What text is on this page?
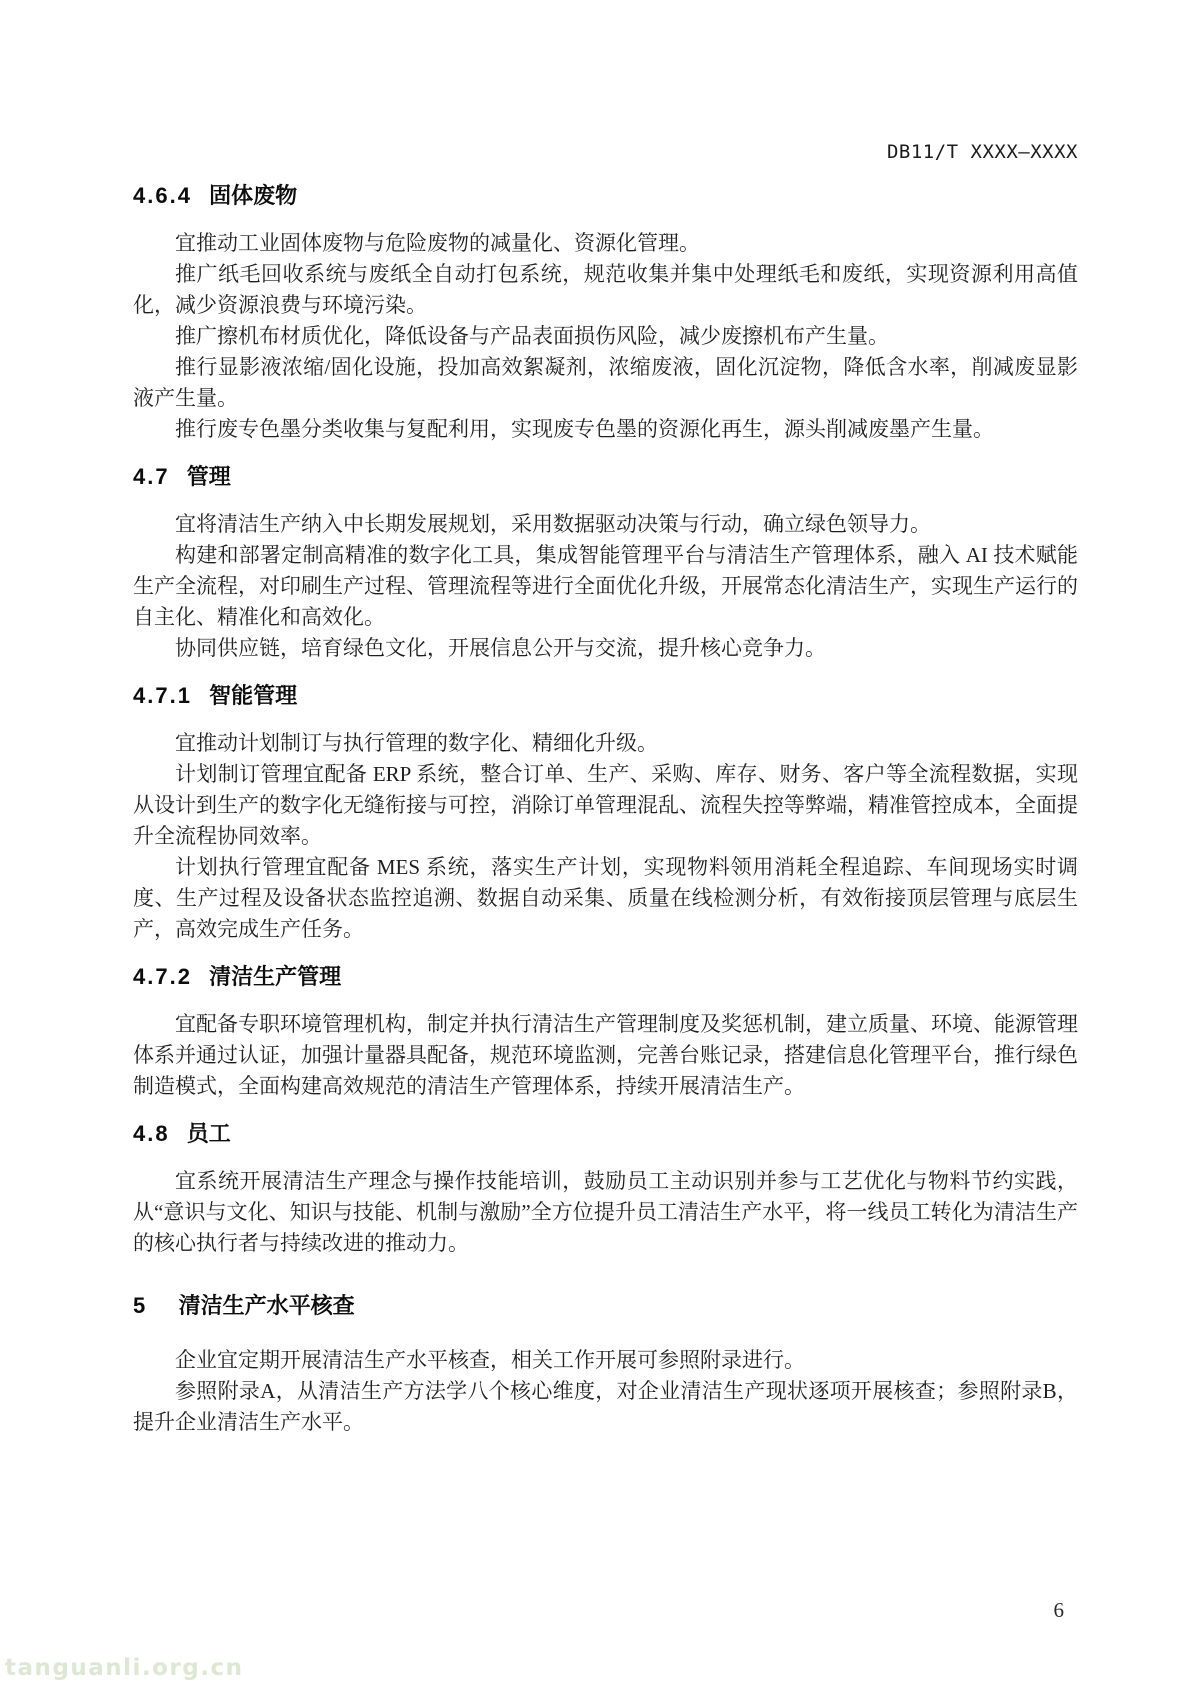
DB11/T XXXX—XXXX
4.6.4 固体废物

宜推动工业固体废物与危险废物的减量化、资源化管理。

推广纸毛回收系统与废纸全自动打包系统，规范收集并集中处理纸毛和废纸，实现资源利用高值化，减少资源浪费与环境污染。

推广擦机布材质优化，降低设备与产品表面损伤风险，减少废擦机布产生量。

推行显影液浓缩/固化设施，投加高效絮凝剂，浓缩废液，固化沉淀物，降低含水率，削减废显影液产生量。

推行废专色墨分类收集与复配利用，实现废专色墨的资源化再生，源头削减废墨产生量。

4.7 管理

宜将清洁生产纳入中长期发展规划，采用数据驱动决策与行动，确立绿色领导力。

构建和部署定制高精准的数字化工具，集成智能管理平台与清洁生产管理体系，融入 AI 技术赋能生产全流程，对印刷生产过程、管理流程等进行全面优化升级，开展常态化清洁生产，实现生产运行的自主化、精准化和高效化。

协同供应链，培育绿色文化，开展信息公开与交流，提升核心竞争力。

4.7.1 智能管理

宜推动计划制订与执行管理的数字化、精细化升级。

计划制订管理宜配备 ERP 系统，整合订单、生产、采购、库存、财务、客户等全流程数据，实现从设计到生产的数字化无缝衔接与可控，消除订单管理混乱、流程失控等弊端，精准管控成本，全面提升全流程协同效率。

计划执行管理宜配备 MES 系统，落实生产计划，实现物料领用消耗全程追踪、车间现场实时调度、生产过程及设备状态监控追溯、数据自动采集、质量在线检测分析，有效衔接顶层管理与底层生产，高效完成生产任务。

4.7.2 清洁生产管理

宜配备专职环境管理机构，制定并执行清洁生产管理制度及奖惩机制，建立质量、环境、能源管理体系并通过认证，加强计量器具配备，规范环境监测，完善台账记录，搭建信息化管理平台，推行绿色制造模式，全面构建高效规范的清洁生产管理体系，持续开展清洁生产。

4.8 员工

宜系统开展清洁生产理念与操作技能培训，鼓励员工主动识别并参与工艺优化与物料节约实践，从“意识与文化、知识与技能、机制与激励”全方位提升员工清洁生产水平，将一线员工转化为清洁生产的核心执行者与持续改进的推动力。

5 清洁生产水平核查

企业宜定期开展清洁生产水平核查，相关工作开展可参照附录进行。

参照附录A，从清洁生产方法学八个核心维度，对企业清洁生产现状逐项开展核查；参照附录B，提升企业清洁生产水平。

6
tanguanli.org.cn
